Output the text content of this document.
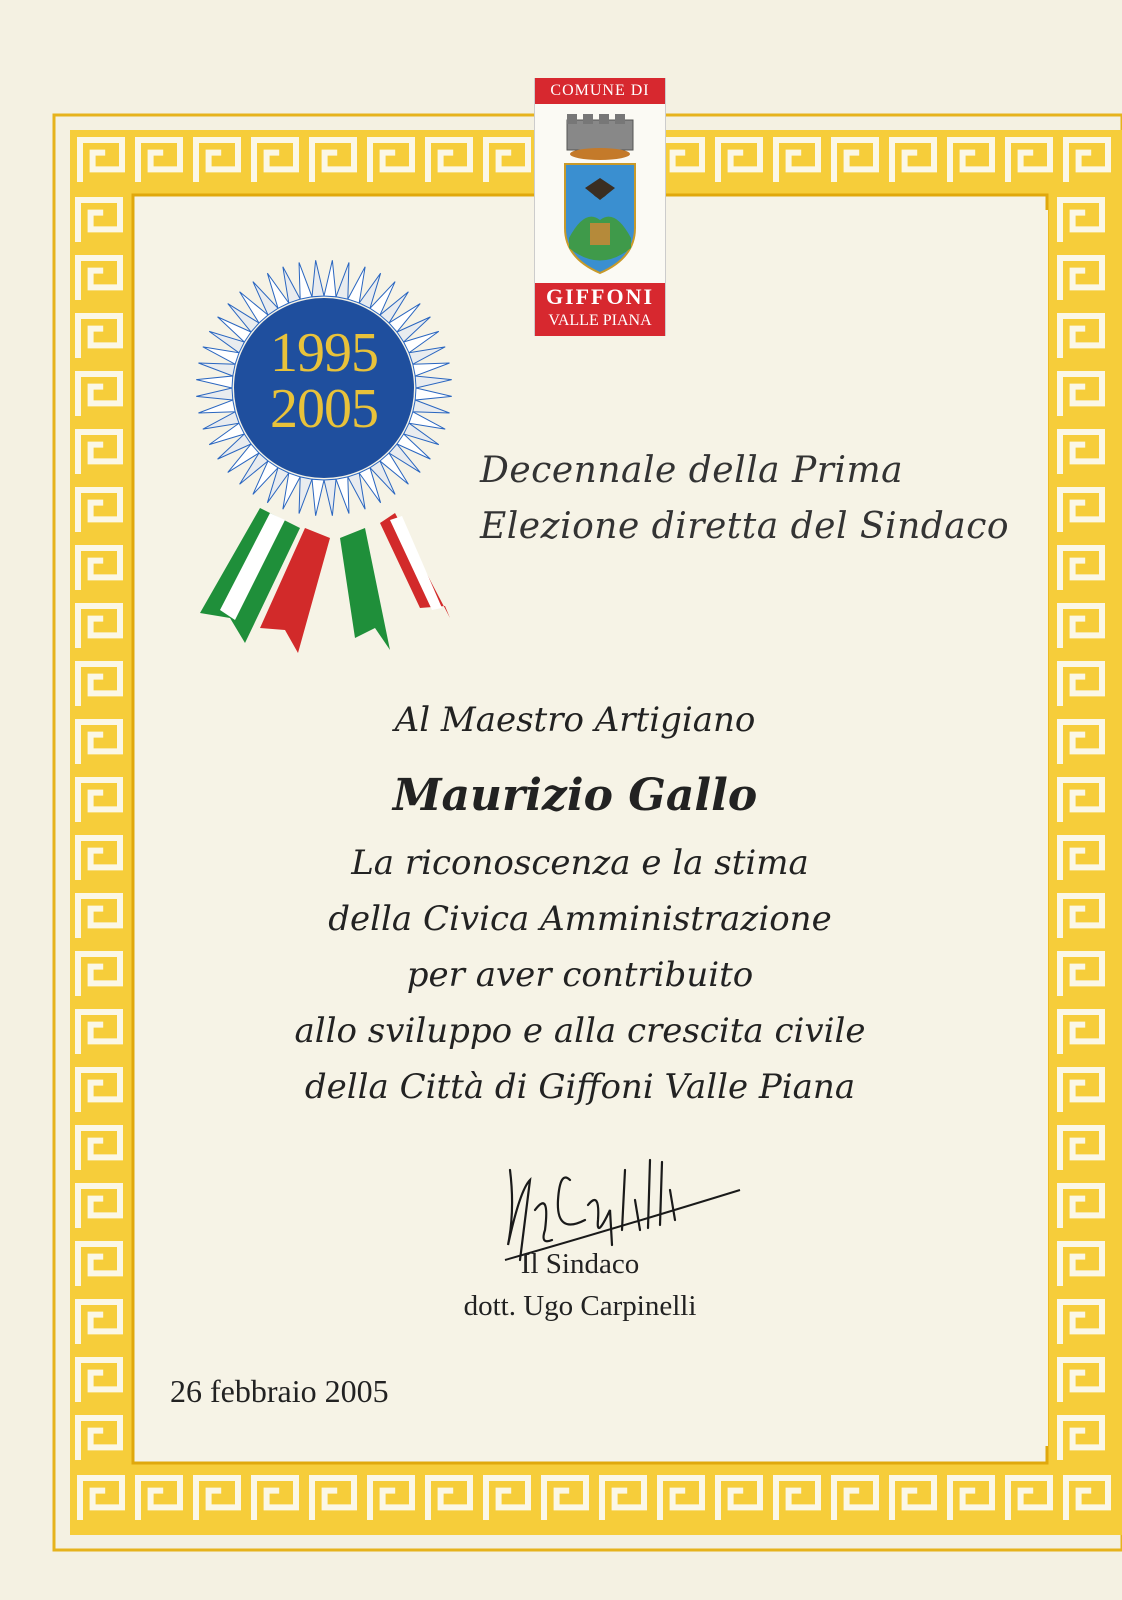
COMUNE DI
GIFFONI
VALLE PIANA
1995
2005
Decennale della Prima
Elezione diretta del Sindaco
Al Maestro Artigiano
Maurizio Gallo
La riconoscenza e la stima
della Civica Amministrazione
per aver contribuito
allo sviluppo e alla crescita civile
della Città di Giffoni Valle Piana
Il Sindaco
dott. Ugo Carpinelli
26 febbraio 2005
